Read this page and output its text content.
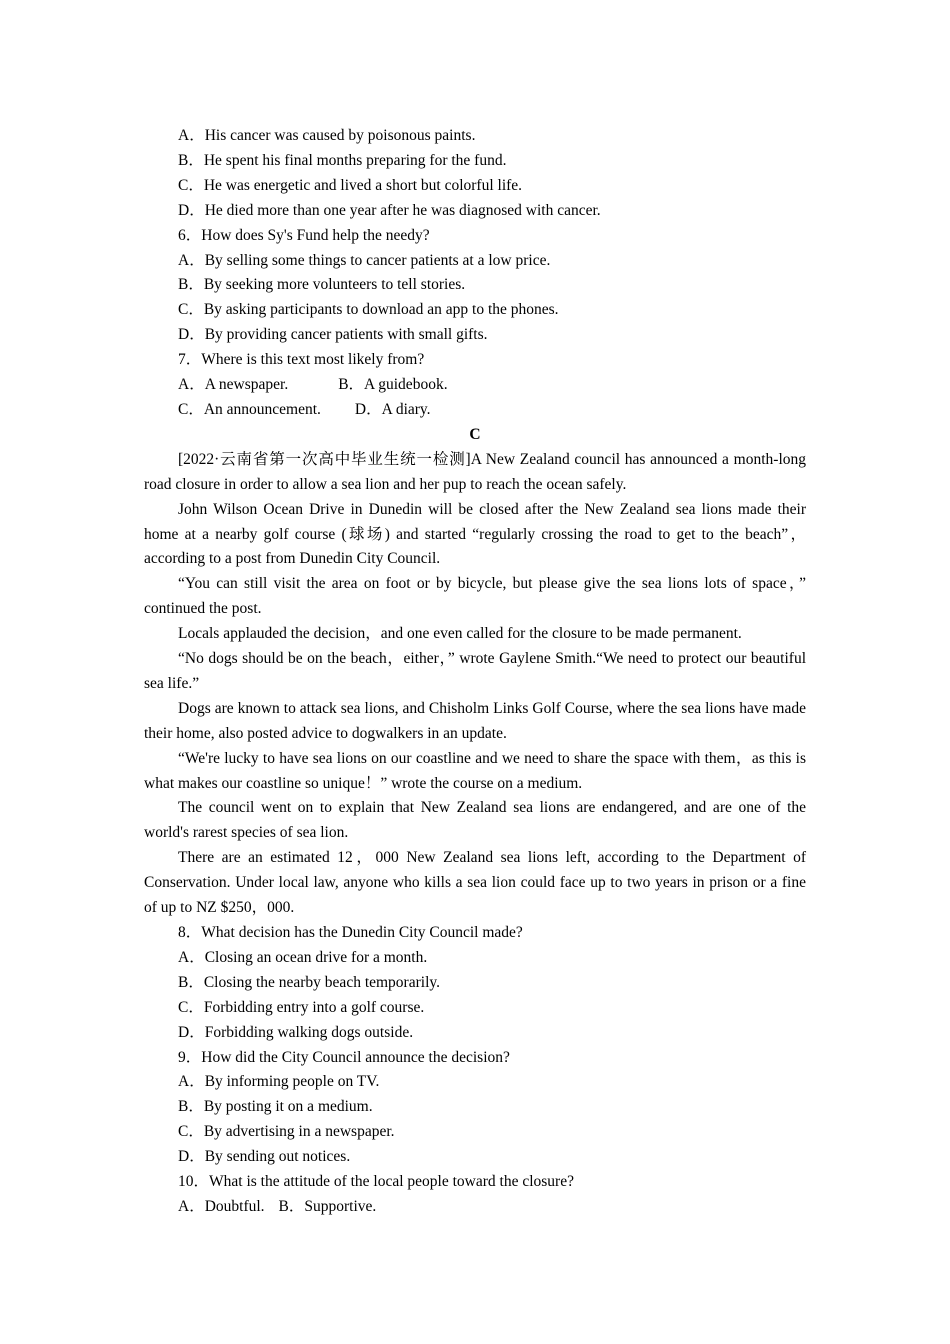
A．His cancer was caused by poisonous paints.
B．He spent his final months preparing for the fund.
C．He was energetic and lived a short but colorful life.
D．He died more than one year after he was diagnosed with cancer.
6．How does Sy's Fund help the needy?
A．By selling some things to cancer patients at a low price.
B．By seeking more volunteers to tell stories.
C．By asking participants to download an app to the phones.
D．By providing cancer patients with small gifts.
7．Where is this text most likely from?
A．A newspaper.	B．A guidebook.
C．An announcement. D．A diary.
C
[2022·云南省第一次高中毕业生统一检测]A New Zealand council has announced a month-long road closure in order to allow a sea lion and her pup to reach the ocean safely.
John Wilson Ocean Drive in Dunedin will be closed after the New Zealand sea lions made their home at a nearby golf course (球场) and started “regularly crossing the road to get to the beach”， according to a post from Dunedin City Council.
“You can still visit the area on foot or by bicycle, but please give the sea lions lots of space，” continued the post.
Locals applauded the decision，and one even called for the closure to be made permanent.
“No dogs should be on the beach，either，” wrote Gaylene Smith.“We need to protect our beautiful sea life.”
Dogs are known to attack sea lions, and Chisholm Links Golf Course, where the sea lions have made their home, also posted advice to dogwalkers in an update.
“We're lucky to have sea lions on our coastline and we need to share the space with them，as this is what makes our coastline so unique！” wrote the course on a medium.
The council went on to explain that New Zealand sea lions are endangered, and are one of the world's rarest species of sea lion.
There are an estimated 12，000 New Zealand sea lions left, according to the Department of Conservation. Under local law, anyone who kills a sea lion could face up to two years in prison or a fine of up to NZ $250，000.
8．What decision has the Dunedin City Council made?
A．Closing an ocean drive for a month.
B．Closing the nearby beach temporarily.
C．Forbidding entry into a golf course.
D．Forbidding walking dogs outside.
9．How did the City Council announce the decision?
A．By informing people on TV.
B．By posting it on a medium.
C．By advertising in a newspaper.
D．By sending out notices.
10．What is the attitude of the local people toward the closure?
A．Doubtful. B．Supportive.
